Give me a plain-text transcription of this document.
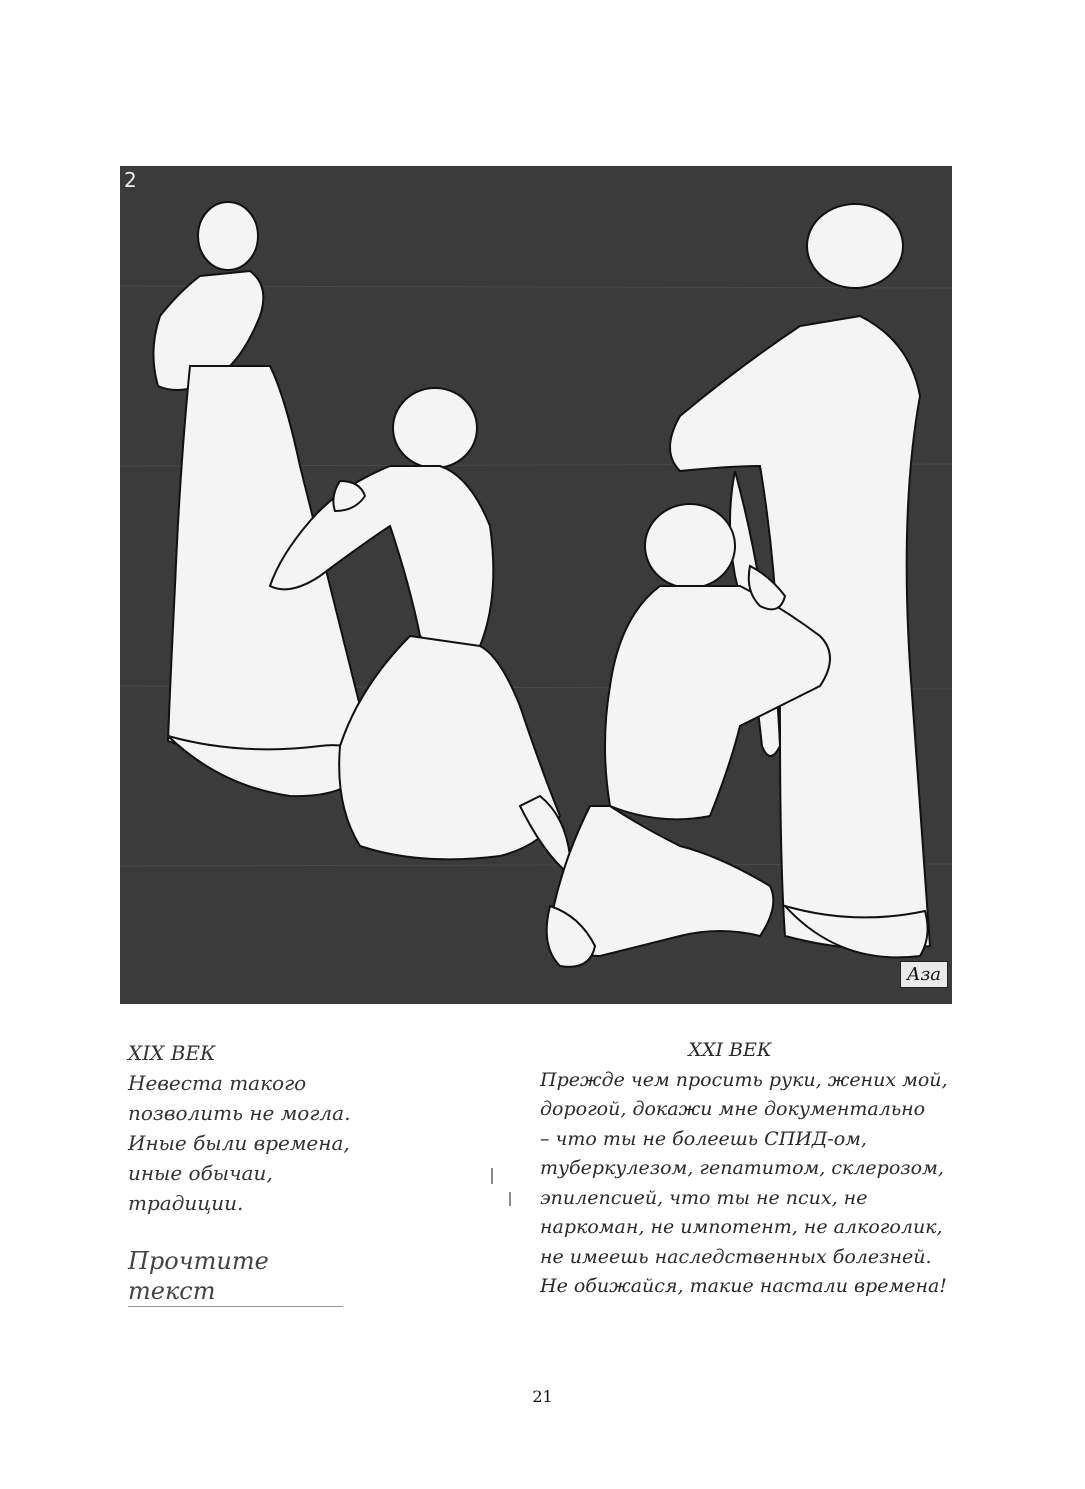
2
Аза
XIX ВЕК
Невеста такого
позволить не могла.
Иные были времена,
иные обычаи,
традиции.
Прочтите текст
XXI ВЕК
Прежде чем просить руки, жених мой,
дорогой, докажи мне документально
– что ты не болеешь СПИД-ом,
туберкулезом, гепатитом, склерозом,
эпилепсией, что ты не псих, не
наркоман, не импотент, не алкоголик,
не имеешь наследственных болезней.
Не обижайся, такие настали времена!
21
